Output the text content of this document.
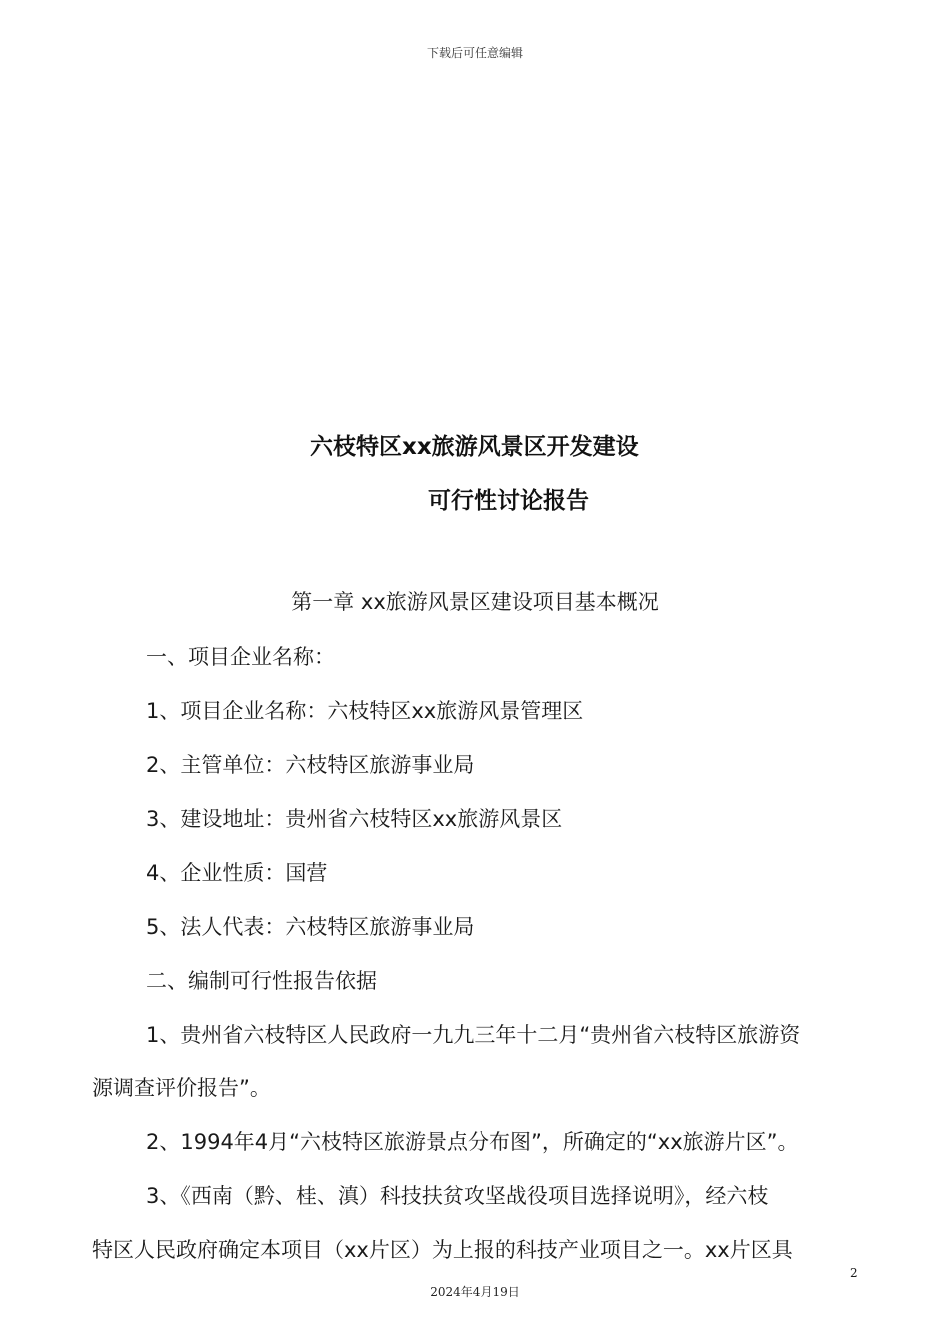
下载后可任意编辑
六枝特区xx旅游风景区开发建设
可行性讨论报告
第一章 xx旅游风景区建设项目基本概况
一、项目企业名称：
1、项目企业名称：六枝特区xx旅游风景管理区
2、主管单位：六枝特区旅游事业局
3、建设地址：贵州省六枝特区xx旅游风景区
4、企业性质：国营
5、法人代表：六枝特区旅游事业局
二、编制可行性报告依据
1、贵州省六枝特区人民政府一九九三年十二月“贵州省六枝特区旅游资
源调查评价报告”。
2、1994年4月“六枝特区旅游景点分布图”，所确定的“xx旅游片区”。
3、《西南（黔、桂、滇）科技扶贫攻坚战役项目选择说明》，经六枝
特区人民政府确定本项目（xx片区）为上报的科技产业项目之一。xx片区具
2
2024年4月19日
